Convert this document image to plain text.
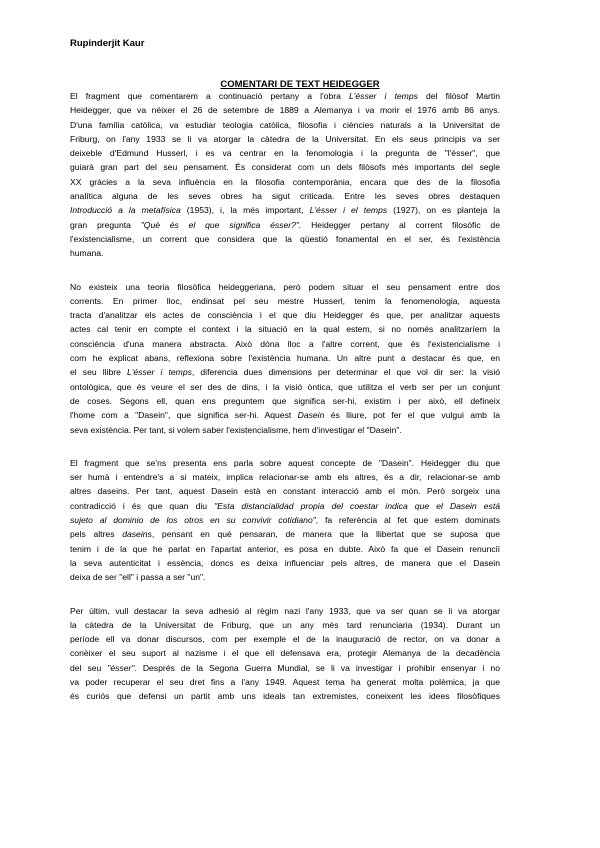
Rupinderjit Kaur
COMENTARI DE TEXT HEIDEGGER
El fragment que comentarem a continuació pertany a l'obra L'ésser i temps del filòsof Martin
Heidegger, que va néixer el 26 de setembre de 1889 a Alemanya i va morir el 1976 amb 86 anys.
D'una família catòlica, va estudiar teologia catòlica, filosofia i ciències naturals a la Universitat de
Friburg, on l'any 1933 se li va atorgar la càtedra de la Universitat. En els seus principis va ser
deixeble d'Edmund Husserl, i es va centrar en la fenomologia i la pregunta de "l'ésser", que
guiarà gran part del seu pensament. És considerat com un dels filòsofs més importants del segle
XX gràcies a la seva influència en la filosofia contemporània, encara que des de la filosofia
analítica alguna de les seves obres ha sigut criticada. Entre les seves obres destaquen
Introducció a la metafísica (1953), i, la més important, L'ésser i el temps (1927), on es planteja la
gran pregunta "Què és el que significa ésser?". Heidegger pertany al corrent filosòfic de
l'existencialisme, un corrent que considera que la qüestió fonamental en el ser, és l'existència
humana.
No existeix una teoria filosòfica heideggeriana, però podem situar el seu pensament entre dos
corrents. En primer lloc, endinsat pel seu mestre Husserl, tenim la fenomenologia, aquesta
tracta d'analitzar els actes de consciència i el que diu Heidegger és que, per analitzar aquests
actes cal tenir en compte el context i la situació en la qual estem, si no només analitzaríem la
consciència d'una manera abstracta. Això dóna lloc a l'altre corrent, que és l'existencialisme i
com he explicat abans, reflexiona sobre l'existència humana. Un altre punt a destacar és que, en
el seu llibre L'ésser i temps, diferencia dues dimensions per determinar el que vol dir ser: la visió
ontològica, que és veure el ser des de dins, i la visió òntica, que utilitza el verb ser per un conjunt
de coses. Segons ell, quan ens preguntem que significa ser-hi, existim i per això, ell defineix
l'home com a "Dasein", que significa ser-hi. Aquest Dasein és lliure, pot fer el que vulgui amb la
seva existència. Per tant, si volem saber l'existencialisme, hem d'investigar el "Dasein".
El fragment que se'ns presenta ens parla sobre aquest concepte de "Dasein". Heidegger diu que
ser humà i entendre's a si mateix, implica relacionar-se amb els altres, és a dir, relacionar-se amb
altres daseins. Per tant, aquest Dasein està en constant interacció amb el món. Però sorgeix una
contradicció i és que quan diu "Esta distancialidad propia del coestar indica que el Dasein está
sujeto al dominio de los otros en su convivir cotidiano", fa referència al fet que estem dominats
pels altres daseins, pensant en què pensaran, de manera que la llibertat que se suposa que
tenim i de la que he parlat en l'apartat anterior, es posa en dubte. Això fa que el Dasein renunciï
la seva autenticitat i essència, doncs es deixa influenciar pels altres, de manera que el Dasein
deixa de ser "ell" i passa a ser "un".
Per últim, vull destacar la seva adhesió al règim nazi l'any 1933, que va ser quan se li va atorgar
la càtedra de la Universitat de Friburg, que un any més tard renunciaria (1934). Durant un
període ell va donar discursos, com per exemple el de la inauguració de rector, on va donar a
conèixer el seu suport al nazisme i el que ell defensava era, protegir Alemanya de la decadència
del seu "ésser". Després de la Segona Guerra Mundial, se li va investigar i prohibir ensenyar i no
va poder recuperar el seu dret fins a l'any 1949. Aquest tema ha generat molta polèmica, ja que
és curiós que defensi un partit amb uns ideals tan extremistes, coneixent les idees filosòfiques
